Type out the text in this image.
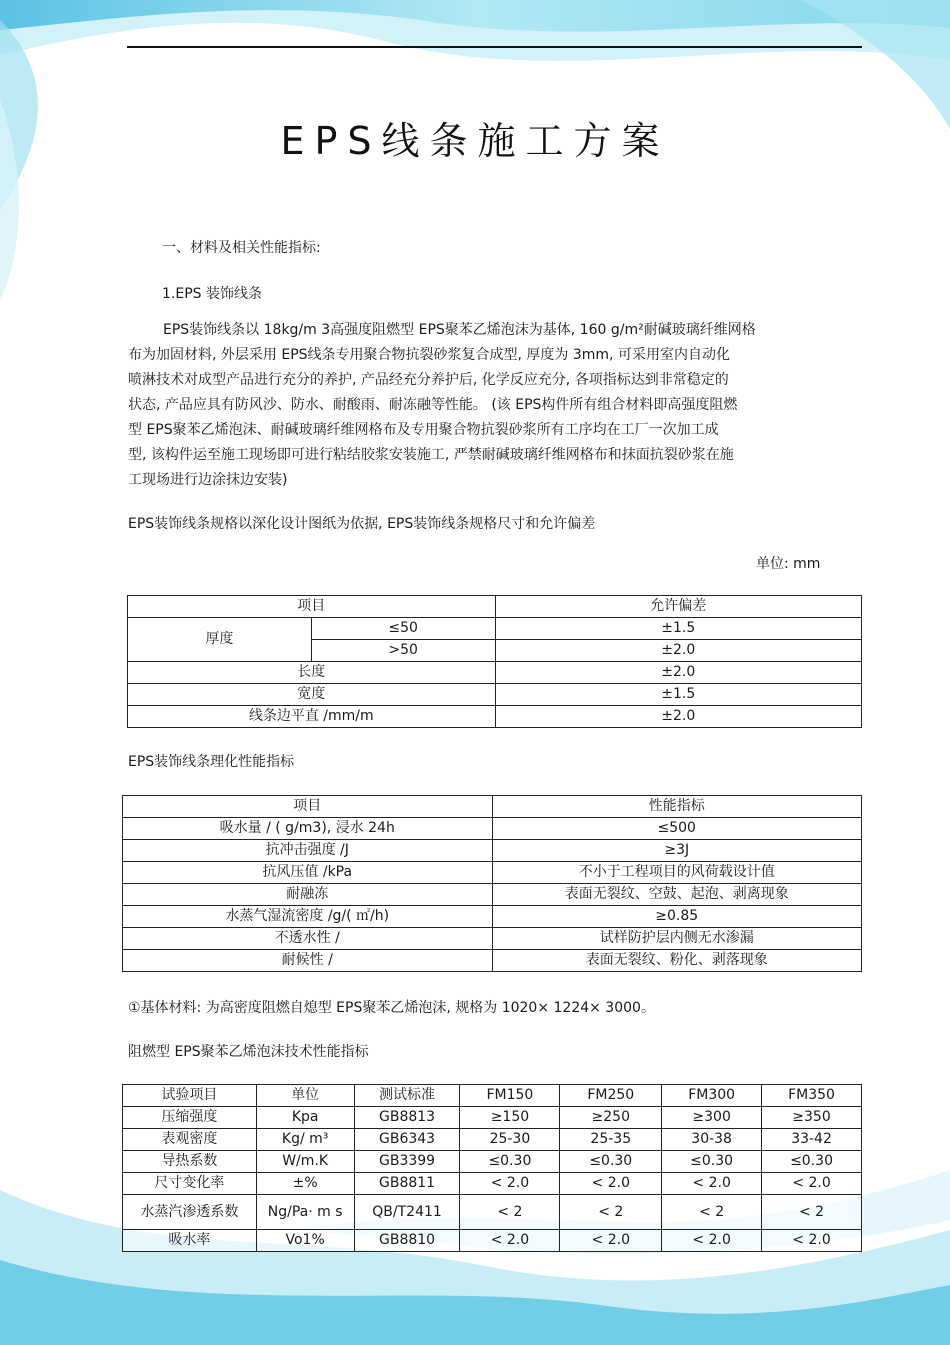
EPS线条施工方案
一、材料及相关性能指标:
1.EPS 装饰线条
EPS装饰线条以 18kg/m 3高强度阻燃型 EPS聚苯乙烯泡沫为基体, 160 g/m²耐碱玻璃纤维网格
布为加固材料, 外层采用 EPS线条专用聚合物抗裂砂浆复合成型, 厚度为 3mm, 可采用室内自动化
喷淋技术对成型产品进行充分的养护, 产品经充分养护后, 化学反应充分, 各项指标达到非常稳定的
状态, 产品应具有防风沙、防水、耐酸雨、耐冻融等性能。 (该 EPS构件所有组合材料即高强度阻燃
型 EPS聚苯乙烯泡沫、耐碱玻璃纤维网格布及专用聚合物抗裂砂浆所有工序均在工厂一次加工成
型, 该构件运至施工现场即可进行粘结胶浆安装施工, 严禁耐碱玻璃纤维网格布和抹面抗裂砂浆在施
工现场进行边涂抹边安装)
EPS装饰线条规格以深化设计图纸为依据, EPS装饰线条规格尺寸和允许偏差
单位: mm
项目		允许偏差
厚度	≤50	±1.5
	>50	±2.0
长度		±2.0
宽度		±1.5
线条边平直 /mm/m		±2.0
EPS装饰线条理化性能指标
项目	性能指标
吸水量 / ( g/m3), 浸水 24h	≤500
抗冲击强度 /J	≥3J
抗风压值 /kPa	不小于工程项目的风荷载设计值
耐融冻	表面无裂纹、空鼓、起泡、剥离现象
水蒸气湿流密度 /g/( ㎡/h)	≥0.85
不透水性 /	试样防护层内侧无水渗漏
耐候性 /	表面无裂纹、粉化、剥落现象
①基体材料: 为高密度阻燃自熄型 EPS聚苯乙烯泡沫, 规格为 1020× 1224× 3000。
阻燃型 EPS聚苯乙烯泡沫技术性能指标
试验项目	单位	测试标准	FM150	FM250	FM300	FM350
压缩强度	Kpa	GB8813	≥150	≥250	≥300	≥350
表观密度	Kg/ m³	GB6343	25-30	25-35	30-38	33-42
导热系数	W/m.K	GB3399	≤0.30	≤0.30	≤0.30	≤0.30
尺寸变化率	±%	GB8811	< 2.0	< 2.0	< 2.0	< 2.0
水蒸汽渗透系数	Ng/Pa· m s	QB/T2411	< 2	< 2	< 2	< 2
吸水率	Vo1%	GB8810	< 2.0	< 2.0	< 2.0	< 2.0
